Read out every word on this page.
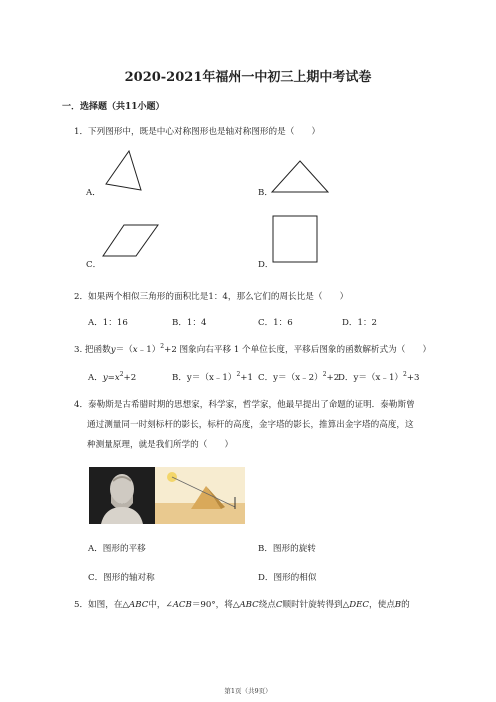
2020-2021年福州一中初三上期中考试卷
一．选择题（共11小题）
1．下列图形中，既是中心对称图形也是轴对称图形的是（　　）
A．	B．
C．	D．
2．如果两个相似三角形的面积比是1：4，那么它们的周长比是（　　）
A．1：16	B．1：4	C．1：6	D．1：2
3. 把函数y＝（x﹣1）$^2$+2 图象向右平移 1 个单位长度，平移后图象的函数解析式为（　　）
A．$y=x^2+2$	B．y＝（x﹣1）$^2$+1 C．y＝（x﹣2）$^2$+2
D．y＝（x﹣1）$^2$+3
4．泰勒斯是古希腊时期的思想家，科学家，哲学家，他最早提出了命题的证明．泰勒斯曾
通过测量同一时刻标杆的影长，标杆的高度，金字塔的影长，推算出金字塔的高度，这
种测量原理，就是我们所学的（　　）
A．图形的平移	B．图形的旋转
C．图形的轴对称	D．图形的相似
5．如图，在△ABC中，∠ACB＝90°，将△ABC绕点C顺时针旋转得到△DEC，使点B的
第1页（共9页）
